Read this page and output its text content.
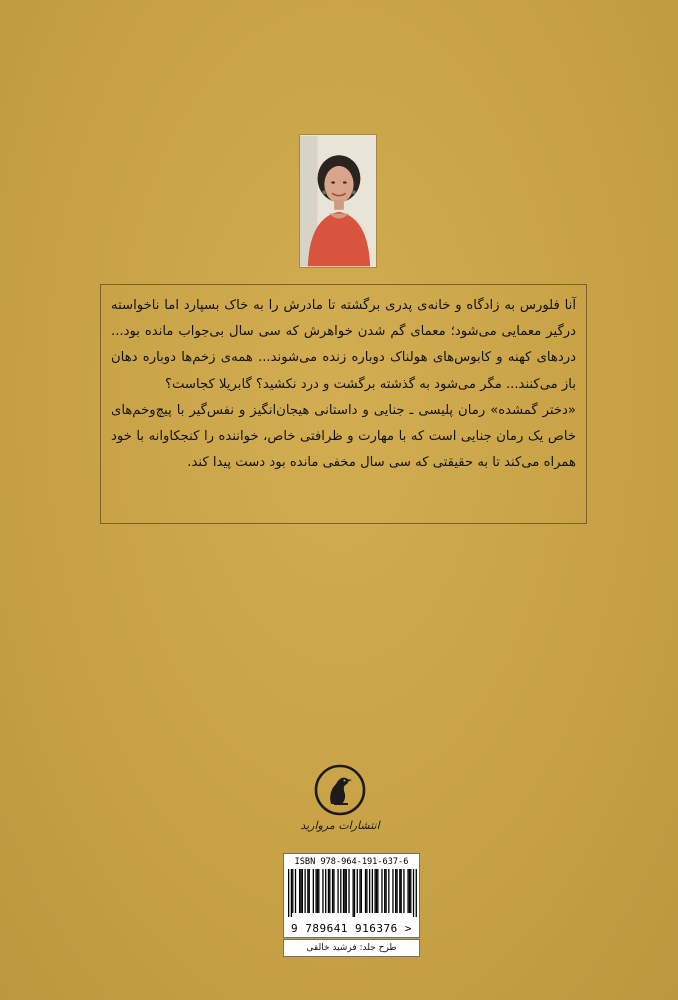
آنا فلورس به زادگاه و خانه‌ی پدری برگشته تا مادرش را به خاک بسپارد اما ناخواسته درگیر معمایی می‌شود؛ معمای گم شدن خواهرش که سی سال بی‌جواب مانده بود... دردهای کهنه و کابوس‌های هولناک دوباره زنده می‌شوند... همه‌ی زخم‌ها دوباره دهان باز می‌کنند... مگر می‌شود به گذشته برگشت و درد نکشید؟ گابریلا کجاست؟

«دختر گمشده» رمان پلیسی ـ جنایی و داستانی هیجان‌انگیز و نفس‌گیر با پیچ‌وخم‌های خاص یک رمان جنایی است که با مهارت و ظرافتی خاص، خواننده را کنجکاوانه با خود همراه می‌کند تا به حقیقتی که سی سال مخفی مانده بود دست پیدا کند.

انتشارات مروارید
ISBN 978-964-191-637-6
9 789641 916376 >
طرح جلد: فرشید خالقی
